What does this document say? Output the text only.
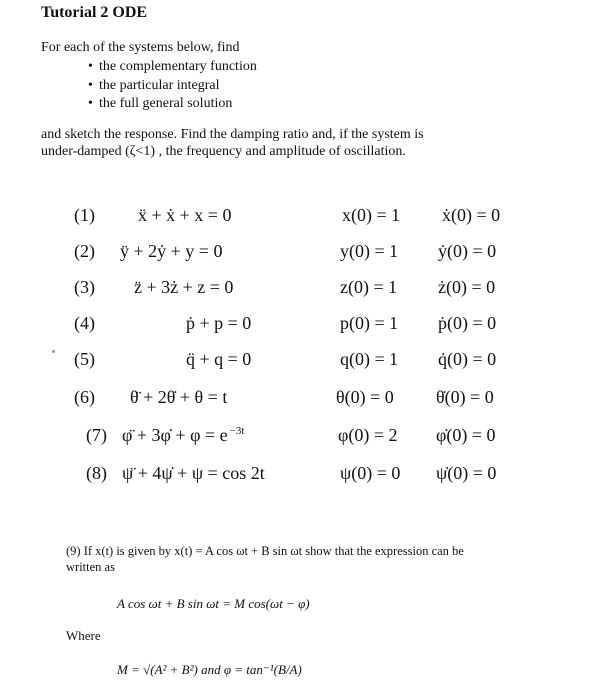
Tutorial 2 ODE
For each of the systems below, find
• the complementary function
• the particular integral
• the full general solution
and sketch the response. Find the damping ratio and, if the system is
under-damped (ζ<1) , the frequency and amplitude of oscillation.
(1) ẍ + ẋ + x = 0	x(0) = 1 ẋ(0) = 0
(2) ÿ + 2ẏ + y = 0	y(0) = 1 ẏ(0) = 0
(3) z̈ + 3ż + z = 0	z(0) = 1 ż(0) = 0
(4)	ṗ + p = 0	p(0) = 1 ṗ(0) = 0
(5)	q̈ + q = 0	q(0) = 1 q̇(0) = 0
(6) θ̈ + 2θ̇ + θ = t	θ(0) = 0 θ̇(0) = 0
(7) φ̈ + 3φ̇ + φ = e $^{-3t}$	φ(0) = 2 φ̇(0) = 0
(8) ψ̈ + 4ψ̇ + ψ = cos 2t	ψ(0) = 0 ψ̇(0) = 0
(9) If x(t) is given by x(t) = A cos ωt + B sin ωt show that the expression can be
written as
A cos ωt + B sin ωt = M cos(ωt − φ)
Where
M = √(A² + B²) and φ = tan⁻¹(B/A)
